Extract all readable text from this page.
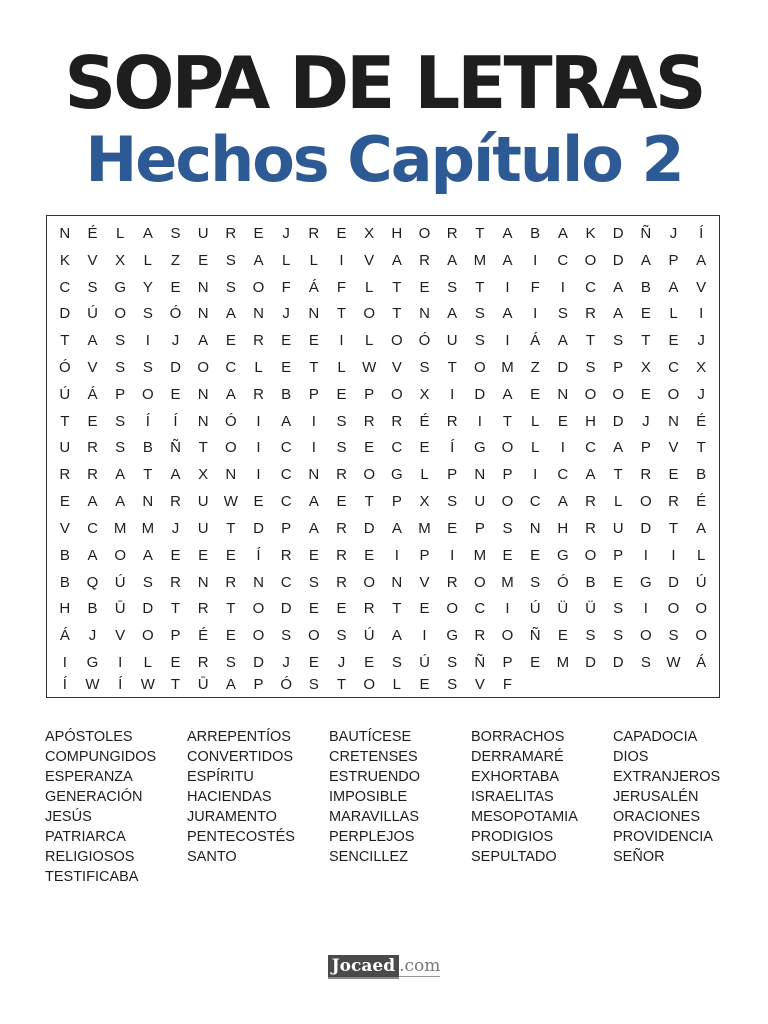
SOPA DE LETRAS
Hechos Capítulo 2
N	É	L	A	S	U	R	E	J	R	E	X	H	O	R	T	A	B	A	K	D	Ñ	J	Í
K	V	X	L	Z	E	S	A	L	L	I	V	A	R	A	M	A	I	C	O	D	A	P	A
C	S	G	Y	E	N	S	O	F	Á	F	L	T	E	S	T	I	F	I	C	A	B	A	V
D	Ú	O	S	Ó	N	A	N	J	N	T	O	T	N	A	S	A	I	S	R	A	E	L	I
T	A	S	I	J	A	E	R	E	E	I	L	O	Ó	U	S	I	Á	A	T	S	T	E	J
Ó	V	S	S	D	O	C	L	E	T	L	W	V	S	T	O	M	Z	D	S	P	X	C	X
Ú	Á	P	O	E	N	A	R	B	P	E	P	O	X	I	D	A	E	N	O	O	E	O	J
T	E	S	Í	Í	N	Ó	I	A	I	S	R	R	É	R	I	T	L	E	H	D	J	N	É
U	R	S	B	Ñ	T	O	I	C	I	S	E	C	E	Í	G	O	L	I	C	A	P	V	T
R	R	A	T	A	X	N	I	C	N	R	O	G	L	P	N	P	I	C	A	T	R	E	B
E	A	A	N	R	U	W	E	C	A	E	T	P	X	S	U	O	C	A	R	L	O	R	É
V	C	M	M	J	U	T	D	P	A	R	D	A	M	E	P	S	N	H	R	U	D	T	A
B	A	O	A	E	E	E	Í	R	E	R	E	I	P	I	M	E	E	G	O	P	I	I	L
B	Q	Ú	S	R	N	R	N	C	S	R	O	N	V	R	O	M	S	Ó	B	E	G	D	Ú
H	B	Ū	D	T	R	T	O	D	E	E	R	T	E	O	C	I	Ú	Ü	Ü	S	I	O	O
Á	J	V	O	P	É	E	O	S	O	S	Ú	A	I	G	R	O	Ñ	E	S	S	O	S	O
I	G	I	L	E	R	S	D	J	E	J	E	S	Ú	S	Ñ	P	E	M	D	D	S	W	Á
Í	W	Í	W	T	Ū	A	P	Ó	S	T	O	L	E	S	V	F
APÓSTOLES
COMPUNGIDOS
ESPERANZA
GENERACIÓN
JESÚS
PATRIARCA
RELIGIOSOS
TESTIFICABA
ARREPENTÍOS
CONVERTIDOS
ESPÍRITU
HACIENDAS
JURAMENTO
PENTECOSTÉS
SANTO
BAUTÍCESE
CRETENSES
ESTRUENDO
IMPOSIBLE
MARAVILLAS
PERPLEJOS
SENCILLEZ
BORRACHOS
DERRAMARÉ
EXHORTABA
ISRAELITAS
MESOPOTAMIA
PRODIGIOS
SEPULTADO
CAPADOCIA
DIOS
EXTRANJEROS
JERUSALÉN
ORACIONES
PROVIDENCIA
SEÑOR
Jocaed .com
